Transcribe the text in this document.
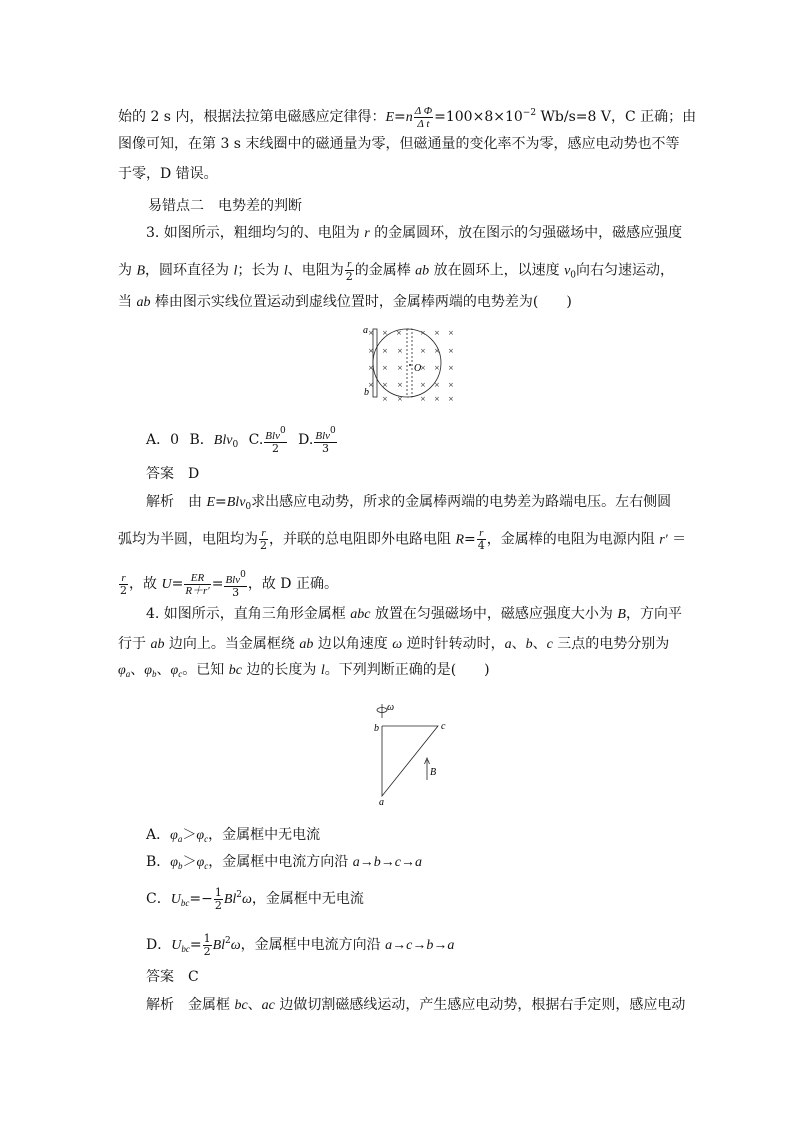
始的 2 s 内，根据法拉第电磁感应定律得：$E=n \frac{\text{Δ Φ}}{\text{Δ t}} =100\times 8\times 10^{-2}$ Wb/s=8 V，C 正确；由
图像可知，在第 3 s 末线圈中的磁通量为零，但磁通量的变化率不为零，感应电动势也不等
于零，D 错误。
易错点二　电势差的判断
3. 如图所示，粗细均匀的、电阻为 r 的金属圆环，放在图示的匀强磁场中，磁感应强度
为 B，圆环直径为 l；长为 l、电阻为 $\frac{r}{2}$ 的金属棒 ab 放在圆环上，以速度 $v_0$向右匀速运动，
当 ab 棒由图示实线位置运动到虚线位置时，金属棒两端的电势差为(　　)
×
×
×
×
× ×	× × ×
× × × × ×
× × × × ×
× × × × ×
× × × × ×
a
b
O
A．0 B．Blv$_0$ C. $\frac{Blv^0}{2} D$. $\frac{Blv^0}{3}$
答案　D
解析　由 E=Blv$_0$求出感应电动势，所求的金属棒两端的电势差为路端电压。左右侧圆
弧均为半圆，电阻均为 $\frac{r}{2}$ ，并联的总电阻即外电路电阻 $R= \frac{r}{4}$ ，金属棒的电阻为电源内阻 r′ ＝
$\frac{r}{2}$ ，故 $U= \frac{ER}{R+r'} = \frac{Blv^0}{3}$ ，故 D 正确。
4. 如图所示，直角三角形金属框 abc 放置在匀强磁场中，磁感应强度大小为 B，方向平
行于 ab 边向上。当金属框绕 ab 边以角速度 ω 逆时针转动时，a、b、c 三点的电势分别为
$\varphi_a$、$\varphi_b$、$\varphi_c$。已知 bc 边的长度为 l。下列判断正确的是(　　)
ω
b	c
a
B
A．$\varphi_a>\varphi_c$，金属框中无电流
B．$\varphi_b>\varphi_c$，金属框中电流方向沿 a→b→c→a
C．$U_{bc}=- \frac{1}{2} Bl^2\omega$，金属框中无电流
D．$U_{bc}= \frac{1}{2} Bl^2\omega$，金属框中电流方向沿 a→c→b→a
答案　C
解析　金属框 bc、ac 边做切割磁感线运动，产生感应电动势，根据右手定则，感应电动
